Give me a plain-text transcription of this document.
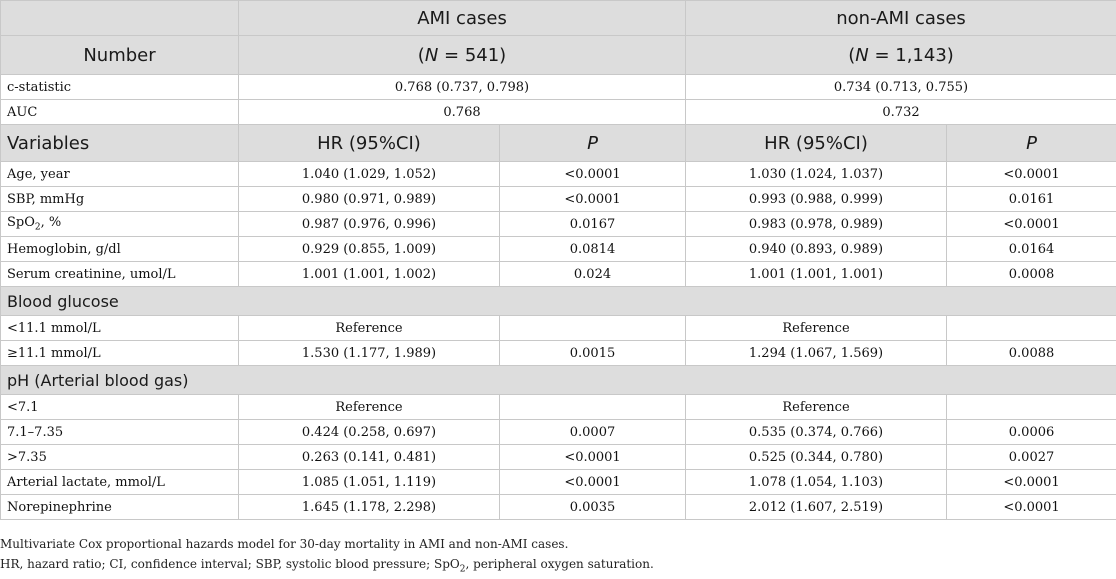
	AMI cases		non-AMI cases	
Number	(N = 541)		(N = 1,143)	
c-statistic	0.768 (0.737, 0.798)		0.734 (0.713, 0.755)	
AUC	0.768		0.732	
Variables	HR (95%CI)	P	HR (95%CI)	P
Age, year	1.040 (1.029, 1.052)	<0.0001	1.030 (1.024, 1.037)	<0.0001
SBP, mmHg	0.980 (0.971, 0.989)	<0.0001	0.993 (0.988, 0.999)	0.0161
SpO$_2$, %	0.987 (0.976, 0.996)	0.0167	0.983 (0.978, 0.989)	<0.0001
Hemoglobin, g/dl	0.929 (0.855, 1.009)	0.0814	0.940 (0.893, 0.989)	0.0164
Serum creatinine, umol/L	1.001 (1.001, 1.002)	0.024	1.001 (1.001, 1.001)	0.0008
Blood glucose				
<11.1 mmol/L	Reference		Reference	
≥11.1 mmol/L	1.530 (1.177, 1.989)	0.0015	1.294 (1.067, 1.569)	0.0088
pH (Arterial blood gas)				
<7.1	Reference		Reference	
7.1–7.35	0.424 (0.258, 0.697)	0.0007	0.535 (0.374, 0.766)	0.0006
>7.35	0.263 (0.141, 0.481)	<0.0001	0.525 (0.344, 0.780)	0.0027
Arterial lactate, mmol/L	1.085 (1.051, 1.119)	<0.0001	1.078 (1.054, 1.103)	<0.0001
Norepinephrine	1.645 (1.178, 2.298)	0.0035	2.012 (1.607, 2.519)	<0.0001

Multivariate Cox proportional hazards model for 30-day mortality in AMI and non-AMI cases.

HR, hazard ratio; CI, confidence interval; SBP, systolic blood pressure; SpO$_2$, peripheral oxygen saturation.
